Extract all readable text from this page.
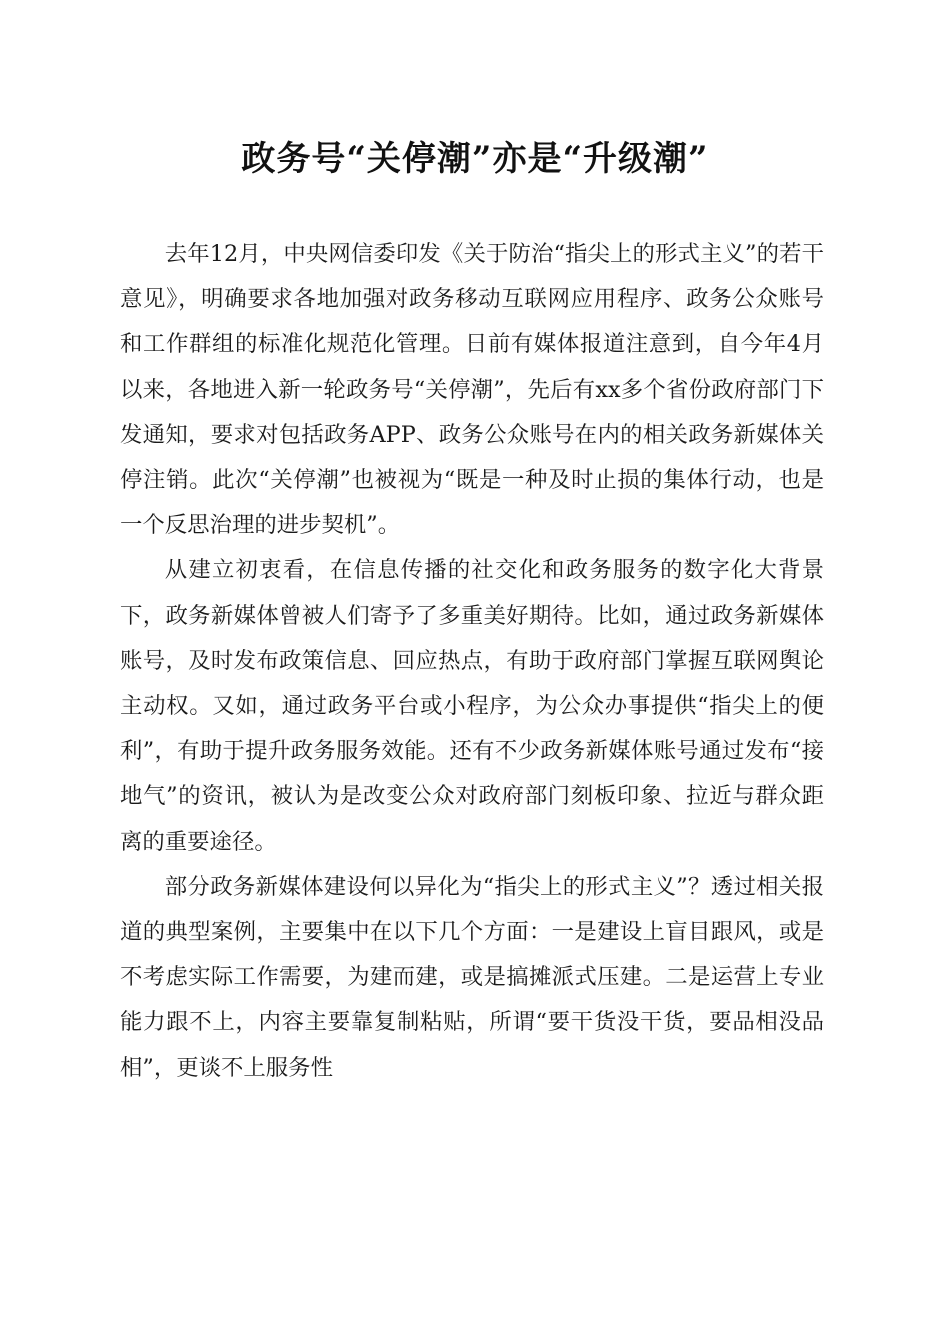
政务号“关停潮”亦是“升级潮”

去年12月，中央网信委印发《关于防治“指尖上的形式主义”的若干意见》，明确要求各地加强对政务移动互联网应用程序、政务公众账号和工作群组的标准化规范化管理。日前有媒体报道注意到，自今年4月以来，各地进入新一轮政务号“关停潮”，先后有xx多个省份政府部门下发通知，要求对包括政务APP、政务公众账号在内的相关政务新媒体关停注销。此次“关停潮”也被视为“既是一种及时止损的集体行动，也是一个反思治理的进步契机”。

从建立初衷看，在信息传播的社交化和政务服务的数字化大背景下，政务新媒体曾被人们寄予了多重美好期待。比如，通过政务新媒体账号，及时发布政策信息、回应热点，有助于政府部门掌握互联网舆论主动权。又如，通过政务平台或小程序，为公众办事提供“指尖上的便利”，有助于提升政务服务效能。还有不少政务新媒体账号通过发布“接地气”的资讯，被认为是改变公众对政府部门刻板印象、拉近与群众距离的重要途径。

部分政务新媒体建设何以异化为“指尖上的形式主义”？透过相关报道的典型案例，主要集中在以下几个方面：一是建设上盲目跟风，或是不考虑实际工作需要，为建而建，或是搞摊派式压建。二是运营上专业能力跟不上，内容主要靠复制粘贴，所谓“要干货没干货，要品相没品相”，更谈不上服务性
